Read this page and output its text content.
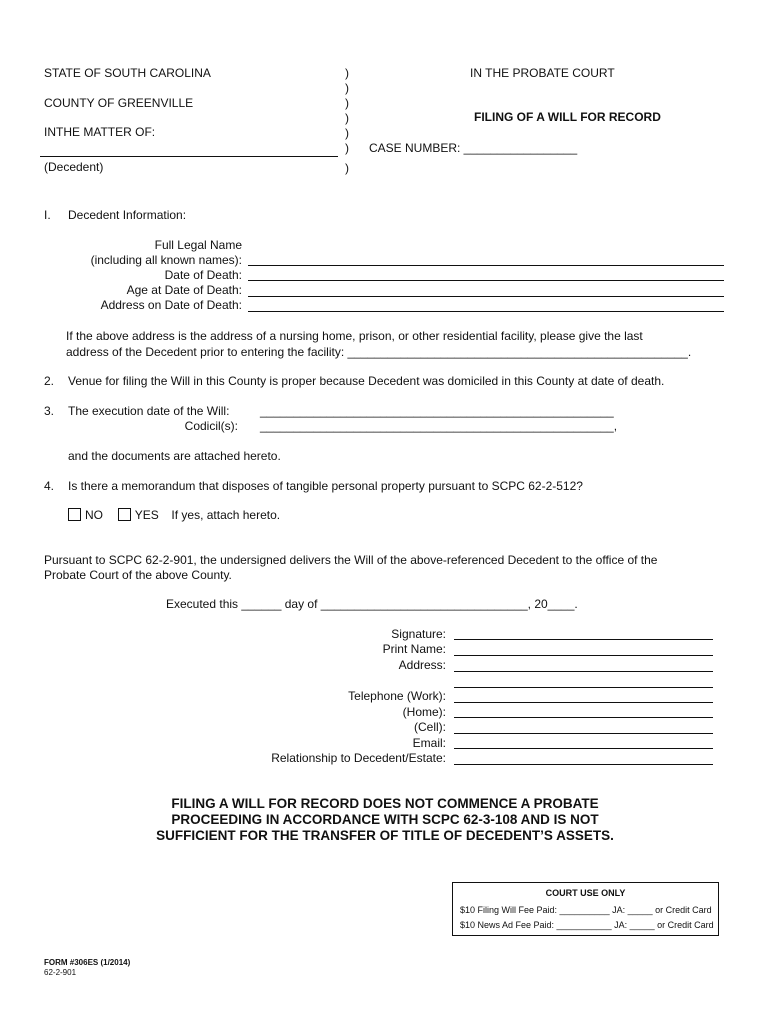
STATE OF SOUTH CAROLINA
COUNTY OF GREENVILLE
INTHE MATTER OF:
(Decedent)
)
)
)
)
)
)
)
IN THE PROBATE COURT
FILING OF A WILL FOR RECORD
CASE NUMBER: _________________
I. Decedent Information:
Full Legal Name
(including all known names):
Date of Death:
Age at Date of Death:
Address on Date of Death:
If the above address is the address of a nursing home, prison, or other residential facility, please give the last
address of the Decedent prior to entering the facility: ___________________________________________________.
2. Venue for filing the Will in this County is proper because Decedent was domiciled in this County at date of death.
3. The execution date of the Will:
Codicil(s):
_____________________________________________________
_____________________________________________________,
and the documents are attached hereto.
4. Is there a memorandum that disposes of tangible personal property pursuant to SCPC 62-2-512?
NO	YES If yes, attach hereto.
Pursuant to SCPC 62-2-901, the undersigned delivers the Will of the above-referenced Decedent to the office of the
Probate Court of the above County.
Executed this ______ day of _______________________________, 20____.
Signature:
Print Name:
Address:
Telephone (Work):
(Home):
(Cell):
Email:
Relationship to Decedent/Estate:
FILING A WILL FOR RECORD DOES NOT COMMENCE A PROBATE
PROCEEDING IN ACCORDANCE WITH SCPC 62-3-108 AND IS NOT
SUFFICIENT FOR THE TRANSFER OF TITLE OF DECEDENT’S ASSETS.
COURT USE ONLY
$10 Filing Will Fee Paid: __________ JA: _____ or Credit Card
$10 News Ad Fee Paid: ___________ JA: _____ or Credit Card
FORM #306ES (1/2014)
62-2-901
